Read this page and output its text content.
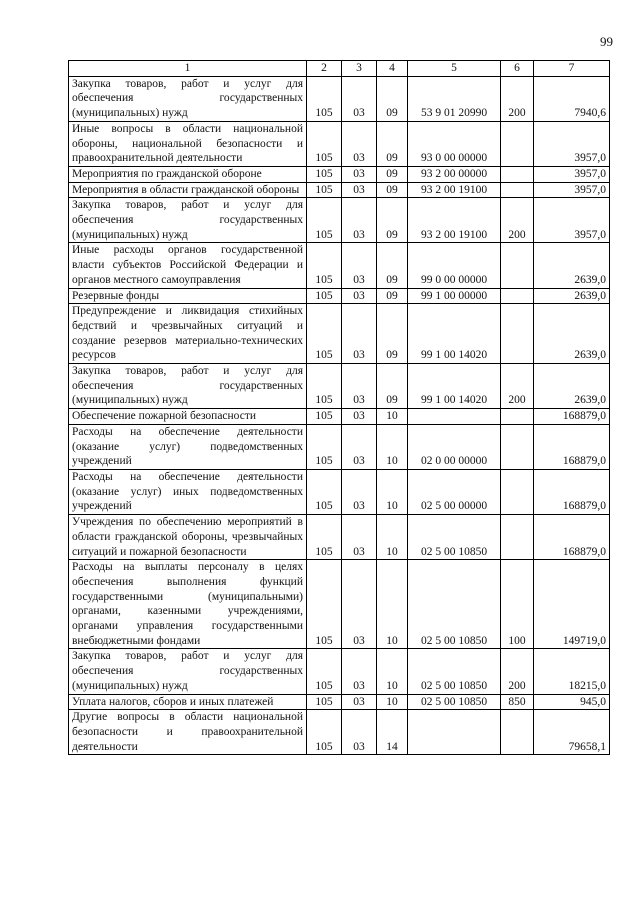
99
1	2	3	4	5	6	7
Закупка товаров, работ и услуг для обеспечения государственных (муниципальных) нужд	105	03	09	53 9 01 20990	200	7940,6
Иные вопросы в области национальной обороны, национальной безопасности и правоохранительной деятельности	105	03	09	93 0 00 00000		3957,0
Мероприятия по гражданской обороне	105	03	09	93 2 00 00000		3957,0
Мероприятия в области гражданской обороны	105	03	09	93 2 00 19100		3957,0
Закупка товаров, работ и услуг для обеспечения государственных (муниципальных) нужд	105	03	09	93 2 00 19100	200	3957,0
Иные расходы органов государственной власти субъектов Российской Федерации и органов местного самоуправления	105	03	09	99 0 00 00000		2639,0
Резервные фонды	105	03	09	99 1 00 00000		2639,0
Предупреждение и ликвидация стихийных бедствий и чрезвычайных ситуаций и создание резервов материально-технических ресурсов	105	03	09	99 1 00 14020		2639,0
Закупка товаров, работ и услуг для обеспечения государственных (муниципальных) нужд	105	03	09	99 1 00 14020	200	2639,0
Обеспечение пожарной безопасности	105	03	10			168879,0
Расходы на обеспечение деятельности (оказание услуг) подведомственных учреждений	105	03	10	02 0 00 00000		168879,0
Расходы на обеспечение деятельности (оказание услуг) иных подведомственных учреждений	105	03	10	02 5 00 00000		168879,0
Учреждения по обеспечению мероприятий в области гражданской обороны, чрезвычайных ситуаций и пожарной безопасности	105	03	10	02 5 00 10850		168879,0
Расходы на выплаты персоналу в целях обеспечения выполнения функций государственными (муниципальными) органами, казенными учреждениями, органами управления государственными внебюджетными фондами	105	03	10	02 5 00 10850	100	149719,0
Закупка товаров, работ и услуг для обеспечения государственных (муниципальных) нужд	105	03	10	02 5 00 10850	200	18215,0
Уплата налогов, сборов и иных платежей	105	03	10	02 5 00 10850	850	945,0
Другие вопросы в области национальной безопасности и правоохранительной деятельности	105	03	14			79658,1
